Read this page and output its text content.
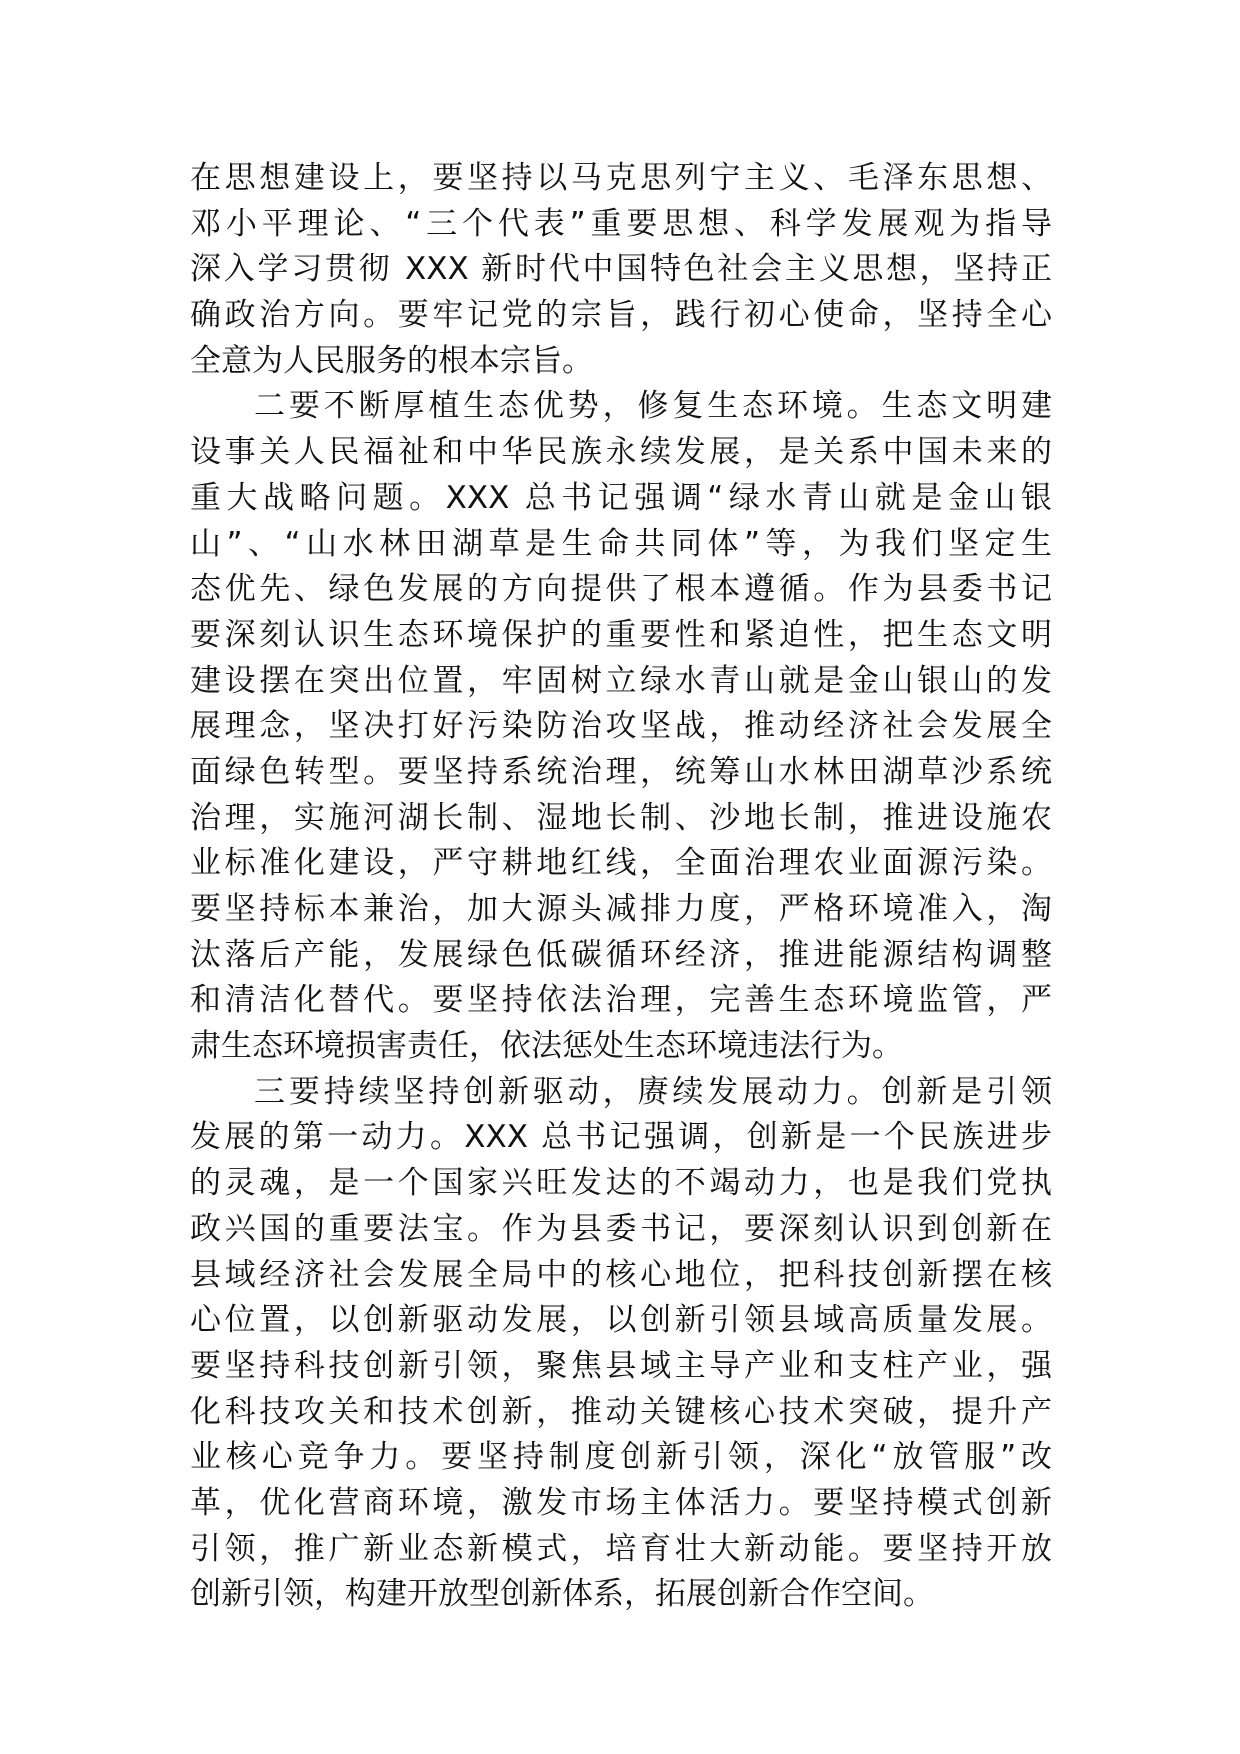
在思想建设上，要坚持以马克思列宁主义、毛泽东思想、
邓小平理论、“三个代表”重要思想、科学发展观为指导
深入学习贯彻 XXX 新时代中国特色社会主义思想，坚持正
确政治方向。要牢记党的宗旨，践行初心使命，坚持全心
全意为人民服务的根本宗旨。
二要不断厚植生态优势，修复生态环境。生态文明建
设事关人民福祉和中华民族永续发展，是关系中国未来的
重大战略问题。XXX 总书记强调“绿水青山就是金山银
山”、“山水林田湖草是生命共同体”等，为我们坚定生
态优先、绿色发展的方向提供了根本遵循。作为县委书记
要深刻认识生态环境保护的重要性和紧迫性，把生态文明
建设摆在突出位置，牢固树立绿水青山就是金山银山的发
展理念，坚决打好污染防治攻坚战，推动经济社会发展全
面绿色转型。要坚持系统治理，统筹山水林田湖草沙系统
治理，实施河湖长制、湿地长制、沙地长制，推进设施农
业标准化建设，严守耕地红线，全面治理农业面源污染。
要坚持标本兼治，加大源头减排力度，严格环境准入，淘
汰落后产能，发展绿色低碳循环经济，推进能源结构调整
和清洁化替代。要坚持依法治理，完善生态环境监管，严
肃生态环境损害责任，依法惩处生态环境违法行为。
三要持续坚持创新驱动，赓续发展动力。创新是引领
发展的第一动力。XXX 总书记强调，创新是一个民族进步
的灵魂，是一个国家兴旺发达的不竭动力，也是我们党执
政兴国的重要法宝。作为县委书记，要深刻认识到创新在
县域经济社会发展全局中的核心地位，把科技创新摆在核
心位置，以创新驱动发展，以创新引领县域高质量发展。
要坚持科技创新引领，聚焦县域主导产业和支柱产业，强
化科技攻关和技术创新，推动关键核心技术突破，提升产
业核心竞争力。要坚持制度创新引领，深化“放管服”改
革，优化营商环境，激发市场主体活力。要坚持模式创新
引领，推广新业态新模式，培育壮大新动能。要坚持开放
创新引领，构建开放型创新体系，拓展创新合作空间。
